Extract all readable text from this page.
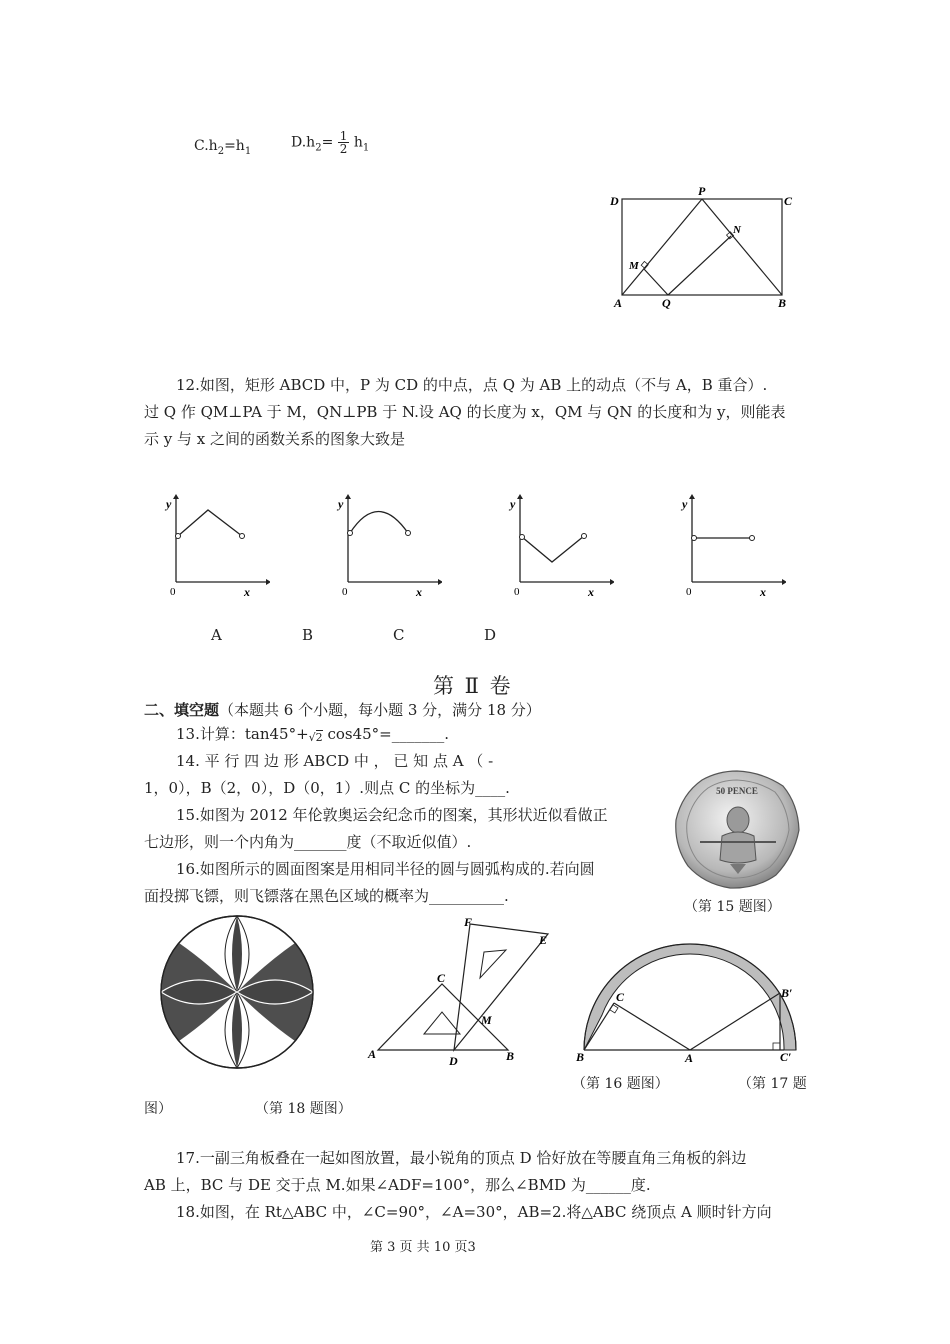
$C.h_2=h_1$
$D.h_2= \frac{1}{2} h_1$
D
P
C
N
M
A	Q	B
12.如图，矩形 ABCD 中，P 为 CD 的中点，点 Q 为 AB 上的动点（不与 A，B 重合）.
过 Q 作 QM⊥PA 于 M，QN⊥PB 于 N.设 AQ 的长度为 x，QM 与 QN 的长度和为 y，则能表
示 y 与 x 之间的函数关系的图象大致是
y
x
0
y
x
0
y
x
0
y
x
0
A	B	C	D
第 Ⅱ 卷
二、填空题（本题共 6 个小题，每小题 3 分，满分 18 分）
13.计算：tan45°+√2 cos45°=_______.
14. 平 行 四 边 形 ABCD 中 ， 已 知 点 A （ -
1，0），B（2，0），D（0，1）.则点 C 的坐标为____.
15.如图为 2012 年伦敦奥运会纪念币的图案，其形状近似看做正
七边形，则一个内角为_______度（不取近似值）.
16.如图所示的圆面图案是用相同半径的圆与圆弧构成的.若向圆
面投掷飞镖，则飞镖落在黑色区域的概率为__________.
50 PENCE
（第 15 题图）
A
C
F
E
M
D	B
C	B′
B	A	C′
（第 16 题图）	（第 17 题
图）	（第 18 题图）
17.一副三角板叠在一起如图放置，最小锐角的顶点 D 恰好放在等腰直角三角板的斜边
AB 上，BC 与 DE 交于点 M.如果∠ADF=100°，那么∠BMD 为______度.
18.如图，在 Rt△ABC 中，∠C=90°，∠A=30°，AB=2.将△ABC 绕顶点 A 顺时针方向
第 3 页 共 10 页3
